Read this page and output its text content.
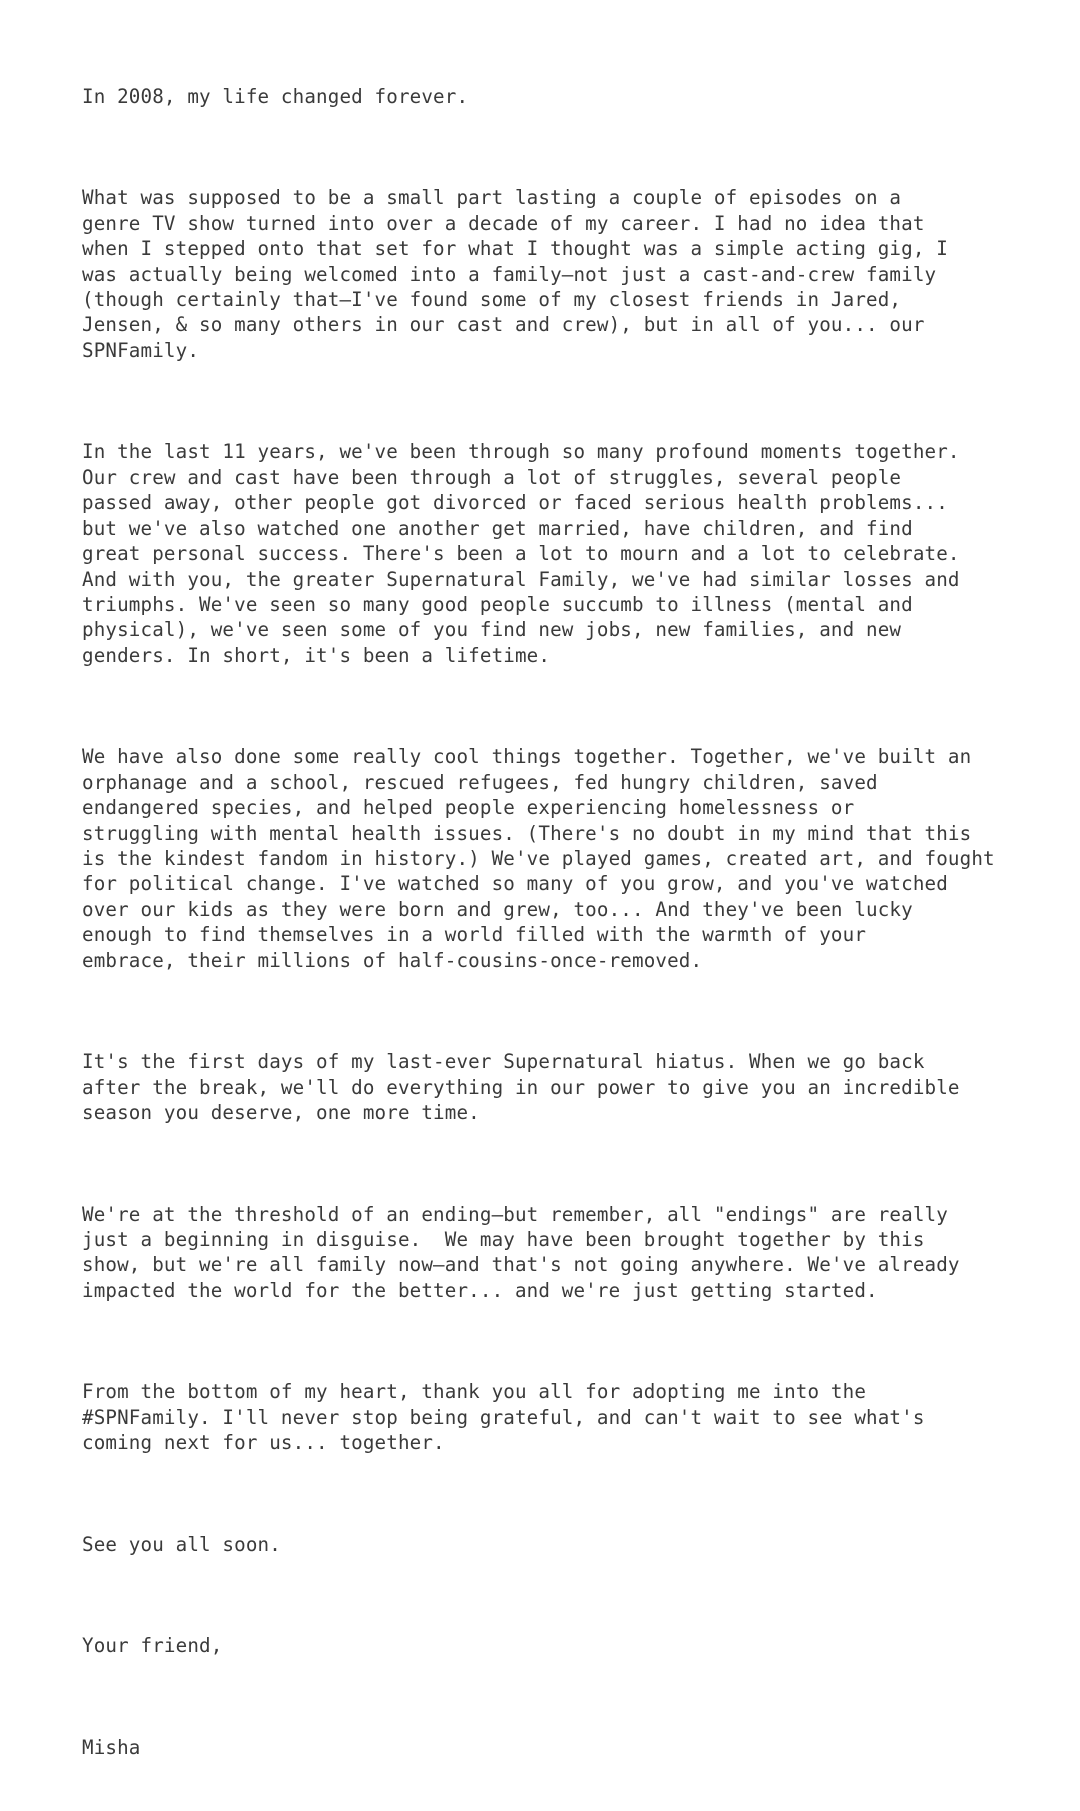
In 2008, my life changed forever.

What was supposed to be a small part lasting a couple of episodes on a
genre TV show turned into over a decade of my career. I had no idea that
when I stepped onto that set for what I thought was a simple acting gig, I
was actually being welcomed into a family—not just a cast-and-crew family
(though certainly that—I've found some of my closest friends in Jared,
Jensen, & so many others in our cast and crew), but in all of you... our
SPNFamily.

In the last 11 years, we've been through so many profound moments together.
Our crew and cast have been through a lot of struggles, several people
passed away, other people got divorced or faced serious health problems...
but we've also watched one another get married, have children, and find
great personal success. There's been a lot to mourn and a lot to celebrate.
And with you, the greater Supernatural Family, we've had similar losses and
triumphs. We've seen so many good people succumb to illness (mental and
physical), we've seen some of you find new jobs, new families, and new
genders. In short, it's been a lifetime.

We have also done some really cool things together. Together, we've built an
orphanage and a school, rescued refugees, fed hungry children, saved
endangered species, and helped people experiencing homelessness or
struggling with mental health issues. (There's no doubt in my mind that this
is the kindest fandom in history.) We've played games, created art, and fought
for political change. I've watched so many of you grow, and you've watched
over our kids as they were born and grew, too... And they've been lucky
enough to find themselves in a world filled with the warmth of your
embrace, their millions of half-cousins-once-removed.

It's the first days of my last-ever Supernatural hiatus. When we go back
after the break, we'll do everything in our power to give you an incredible
season you deserve, one more time.

We're at the threshold of an ending—but remember, all "endings" are really
just a beginning in disguise.  We may have been brought together by this
show, but we're all family now—and that's not going anywhere. We've already
impacted the world for the better... and we're just getting started.

From the bottom of my heart, thank you all for adopting me into the
#SPNFamily. I'll never stop being grateful, and can't wait to see what's
coming next for us... together.

See you all soon.

Your friend,

Misha
